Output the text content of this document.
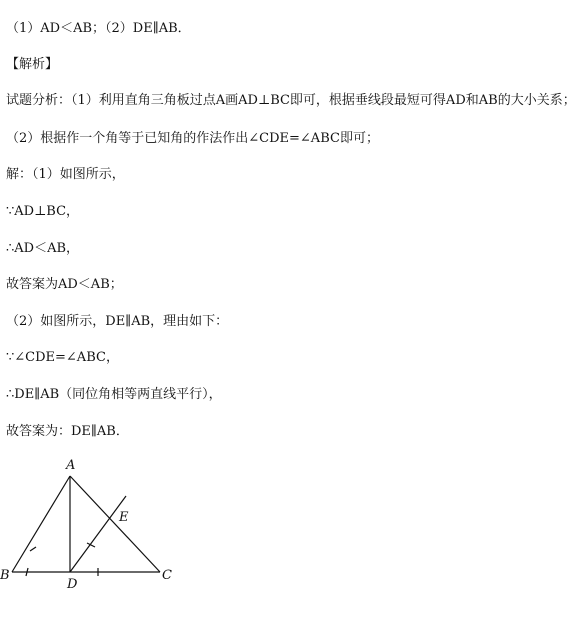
（1）AD＜AB；（2）DE∥AB．
【解析】
试题分析：（1）利用直角三角板过点A画AD⊥BC即可，根据垂线段最短可得AD和AB的大小关系；
（2）根据作一个角等于已知角的作法作出∠CDE=∠ABC即可；
解：（1）如图所示，
∵AD⊥BC，
∴AD＜AB，
故答案为AD＜AB；
（2）如图所示，DE∥AB，理由如下：
∵∠CDE=∠ABC，
∴DE∥AB（同位角相等两直线平行），
故答案为：DE∥AB．
A
B	C
D
E
